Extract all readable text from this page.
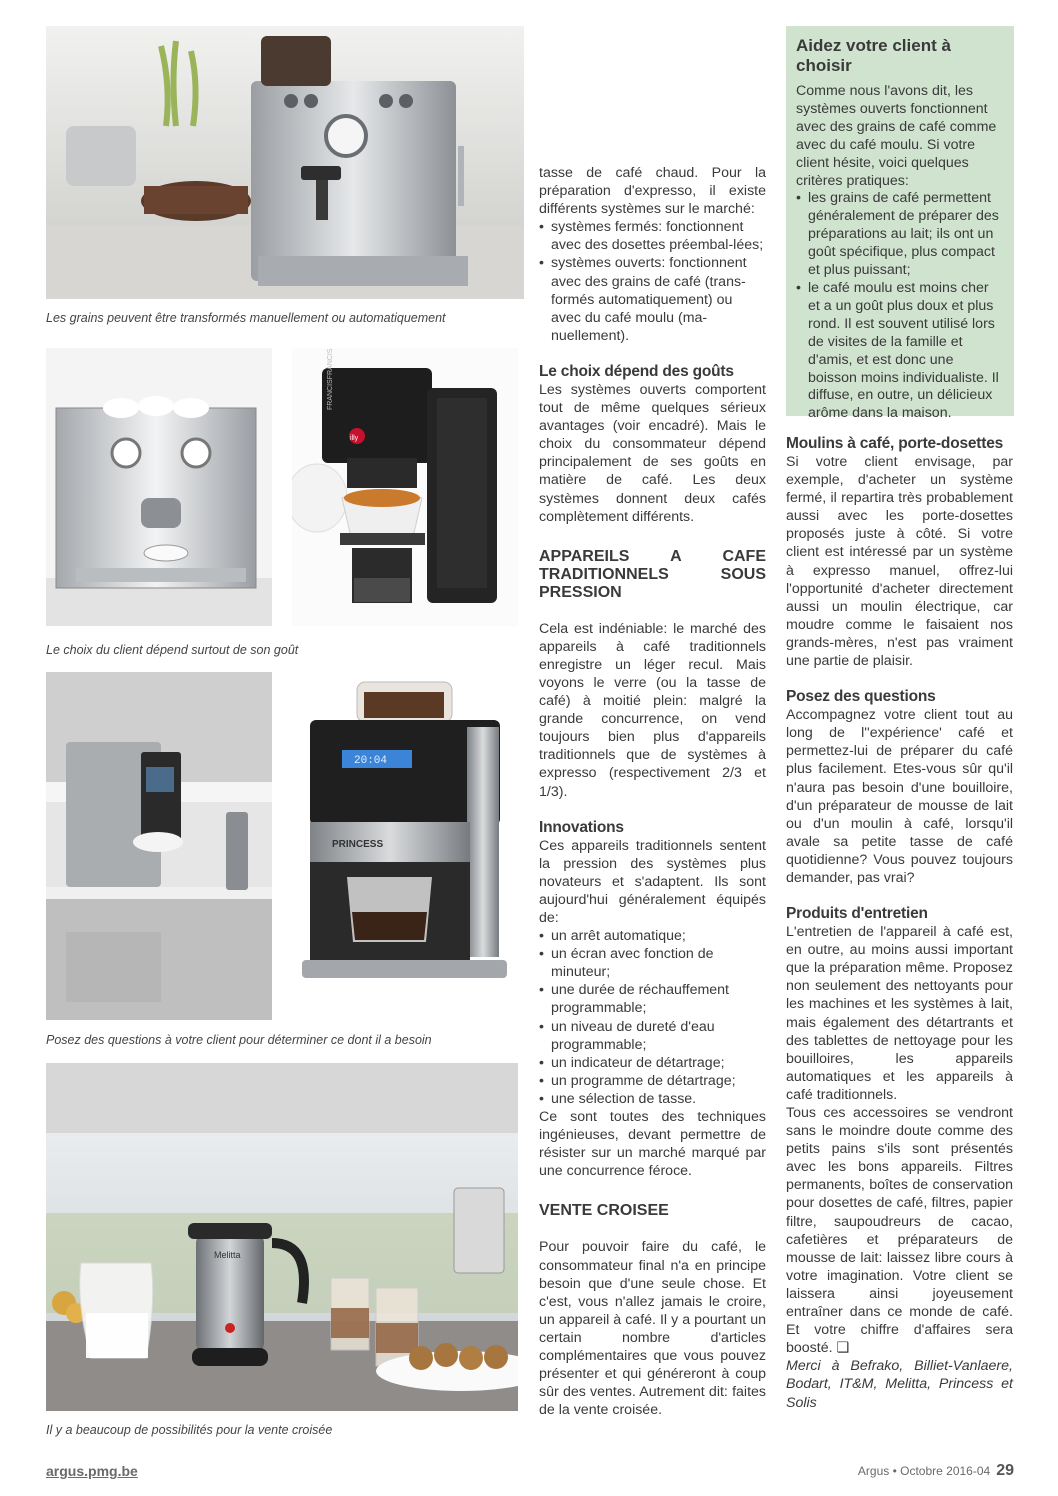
Les grains peuvent être transformés manuellement ou automatiquement
illy
FRANCISFRANCIS
Le choix du client dépend surtout de son goût
20:04
PRINCESS
Posez des questions à votre client pour déterminer ce dont il a besoin
Melitta
Il y a beaucoup de possibilités pour la vente croisée

tasse de café chaud. Pour la préparation d'expresso, il existe différents systèmes sur le marché:

• systèmes fermés: fonctionnent avec des dosettes préembal-lées;
• systèmes ouverts: fonctionnent avec des grains de café (trans-formés automatiquement) ou avec du café moulu (ma-nuellement).
Le choix dépend des goûts

Les systèmes ouverts comportent tout de même quelques sérieux avantages (voir encadré). Mais le choix du consommateur dépend principalement de ses goûts en matière de café. Les deux systèmes donnent deux cafés complètement différents.

APPAREILS A CAFE TRADITIONNELS SOUS PRESSION

Cela est indéniable: le marché des appareils à café traditionnels enregistre un léger recul. Mais voyons le verre (ou la tasse de café) à moitié plein: malgré la grande concurrence, on vend toujours bien plus d'appareils traditionnels que de systèmes à expresso (respectivement 2/3 et 1/3).

Innovations

Ces appareils traditionnels sentent la pression des systèmes plus novateurs et s'adaptent. Ils sont aujourd'hui généralement équipés de:

• un arrêt automatique;
• un écran avec fonction de minuteur;
• une durée de réchauffement programmable;
• un niveau de dureté d'eau programmable;
• un indicateur de détartrage;
• un programme de détartrage;
• une sélection de tasse.

Ce sont toutes des techniques ingénieuses, devant permettre de résister sur un marché marqué par une concurrence féroce.

VENTE CROISEE

Pour pouvoir faire du café, le consommateur final n'a en principe besoin que d'une seule chose. Et c'est, vous n'allez jamais le croire, un appareil à café. Il y a pourtant un certain nombre d'articles complémentaires que vous pouvez présenter et qui généreront à coup sûr des ventes. Autrement dit: faites de la vente croisée.

Aidez votre client à choisir

Comme nous l'avons dit, les systèmes ouverts fonctionnent avec des grains de café comme avec du café moulu. Si votre client hésite, voici quelques critères pratiques:

• les grains de café permettent généralement de préparer des préparations au lait; ils ont un goût spécifique, plus compact et plus puissant;
• le café moulu est moins cher et a un goût plus doux et plus rond. Il est souvent utilisé lors de visites de la famille et d'amis, et est donc une boisson moins individualiste. Il diffuse, en outre, un délicieux arôme dans la maison.
Moulins à café, porte-dosettes

Si votre client envisage, par exemple, d'acheter un système fermé, il repartira très probablement aussi avec les porte-dosettes proposés juste à côté. Si votre client est intéressé par un système à expresso manuel, offrez-lui l'opportunité d'acheter directement aussi un moulin électrique, car moudre comme le faisaient nos grands-mères, n'est pas vraiment une partie de plaisir.

Posez des questions

Accompagnez votre client tout au long de l''expérience' café et permettez-lui de préparer du café plus facilement. Etes-vous sûr qu'il n'aura pas besoin d'une bouilloire, d'un préparateur de mousse de lait ou d'un moulin à café, lorsqu'il avale sa petite tasse de café quotidienne? Vous pouvez toujours demander, pas vrai?

Produits d'entretien

L'entretien de l'appareil à café est, en outre, au moins aussi important que la préparation même. Proposez non seulement des nettoyants pour les machines et les systèmes à lait, mais également des détartrants et des tablettes de nettoyage pour les bouilloires, les appareils automatiques et les appareils à café traditionnels.

Tous ces accessoires se vendront sans le moindre doute comme des petits pains s'ils sont présentés avec les bons appareils. Filtres permanents, boîtes de conservation pour dosettes de café, filtres, papier filtre, saupoudreurs de cacao, cafetières et préparateurs de mousse de lait: laissez libre cours à votre imagination. Votre client se laissera ainsi joyeusement entraîner dans ce monde de café. Et votre chiffre d'affaires sera boosté. ❑

Merci à Befrako, Billiet-Vanlaere, Bodart, IT&M, Melitta, Princess et Solis

argus.pmg.be	Argus • Octobre 2016-04 29
